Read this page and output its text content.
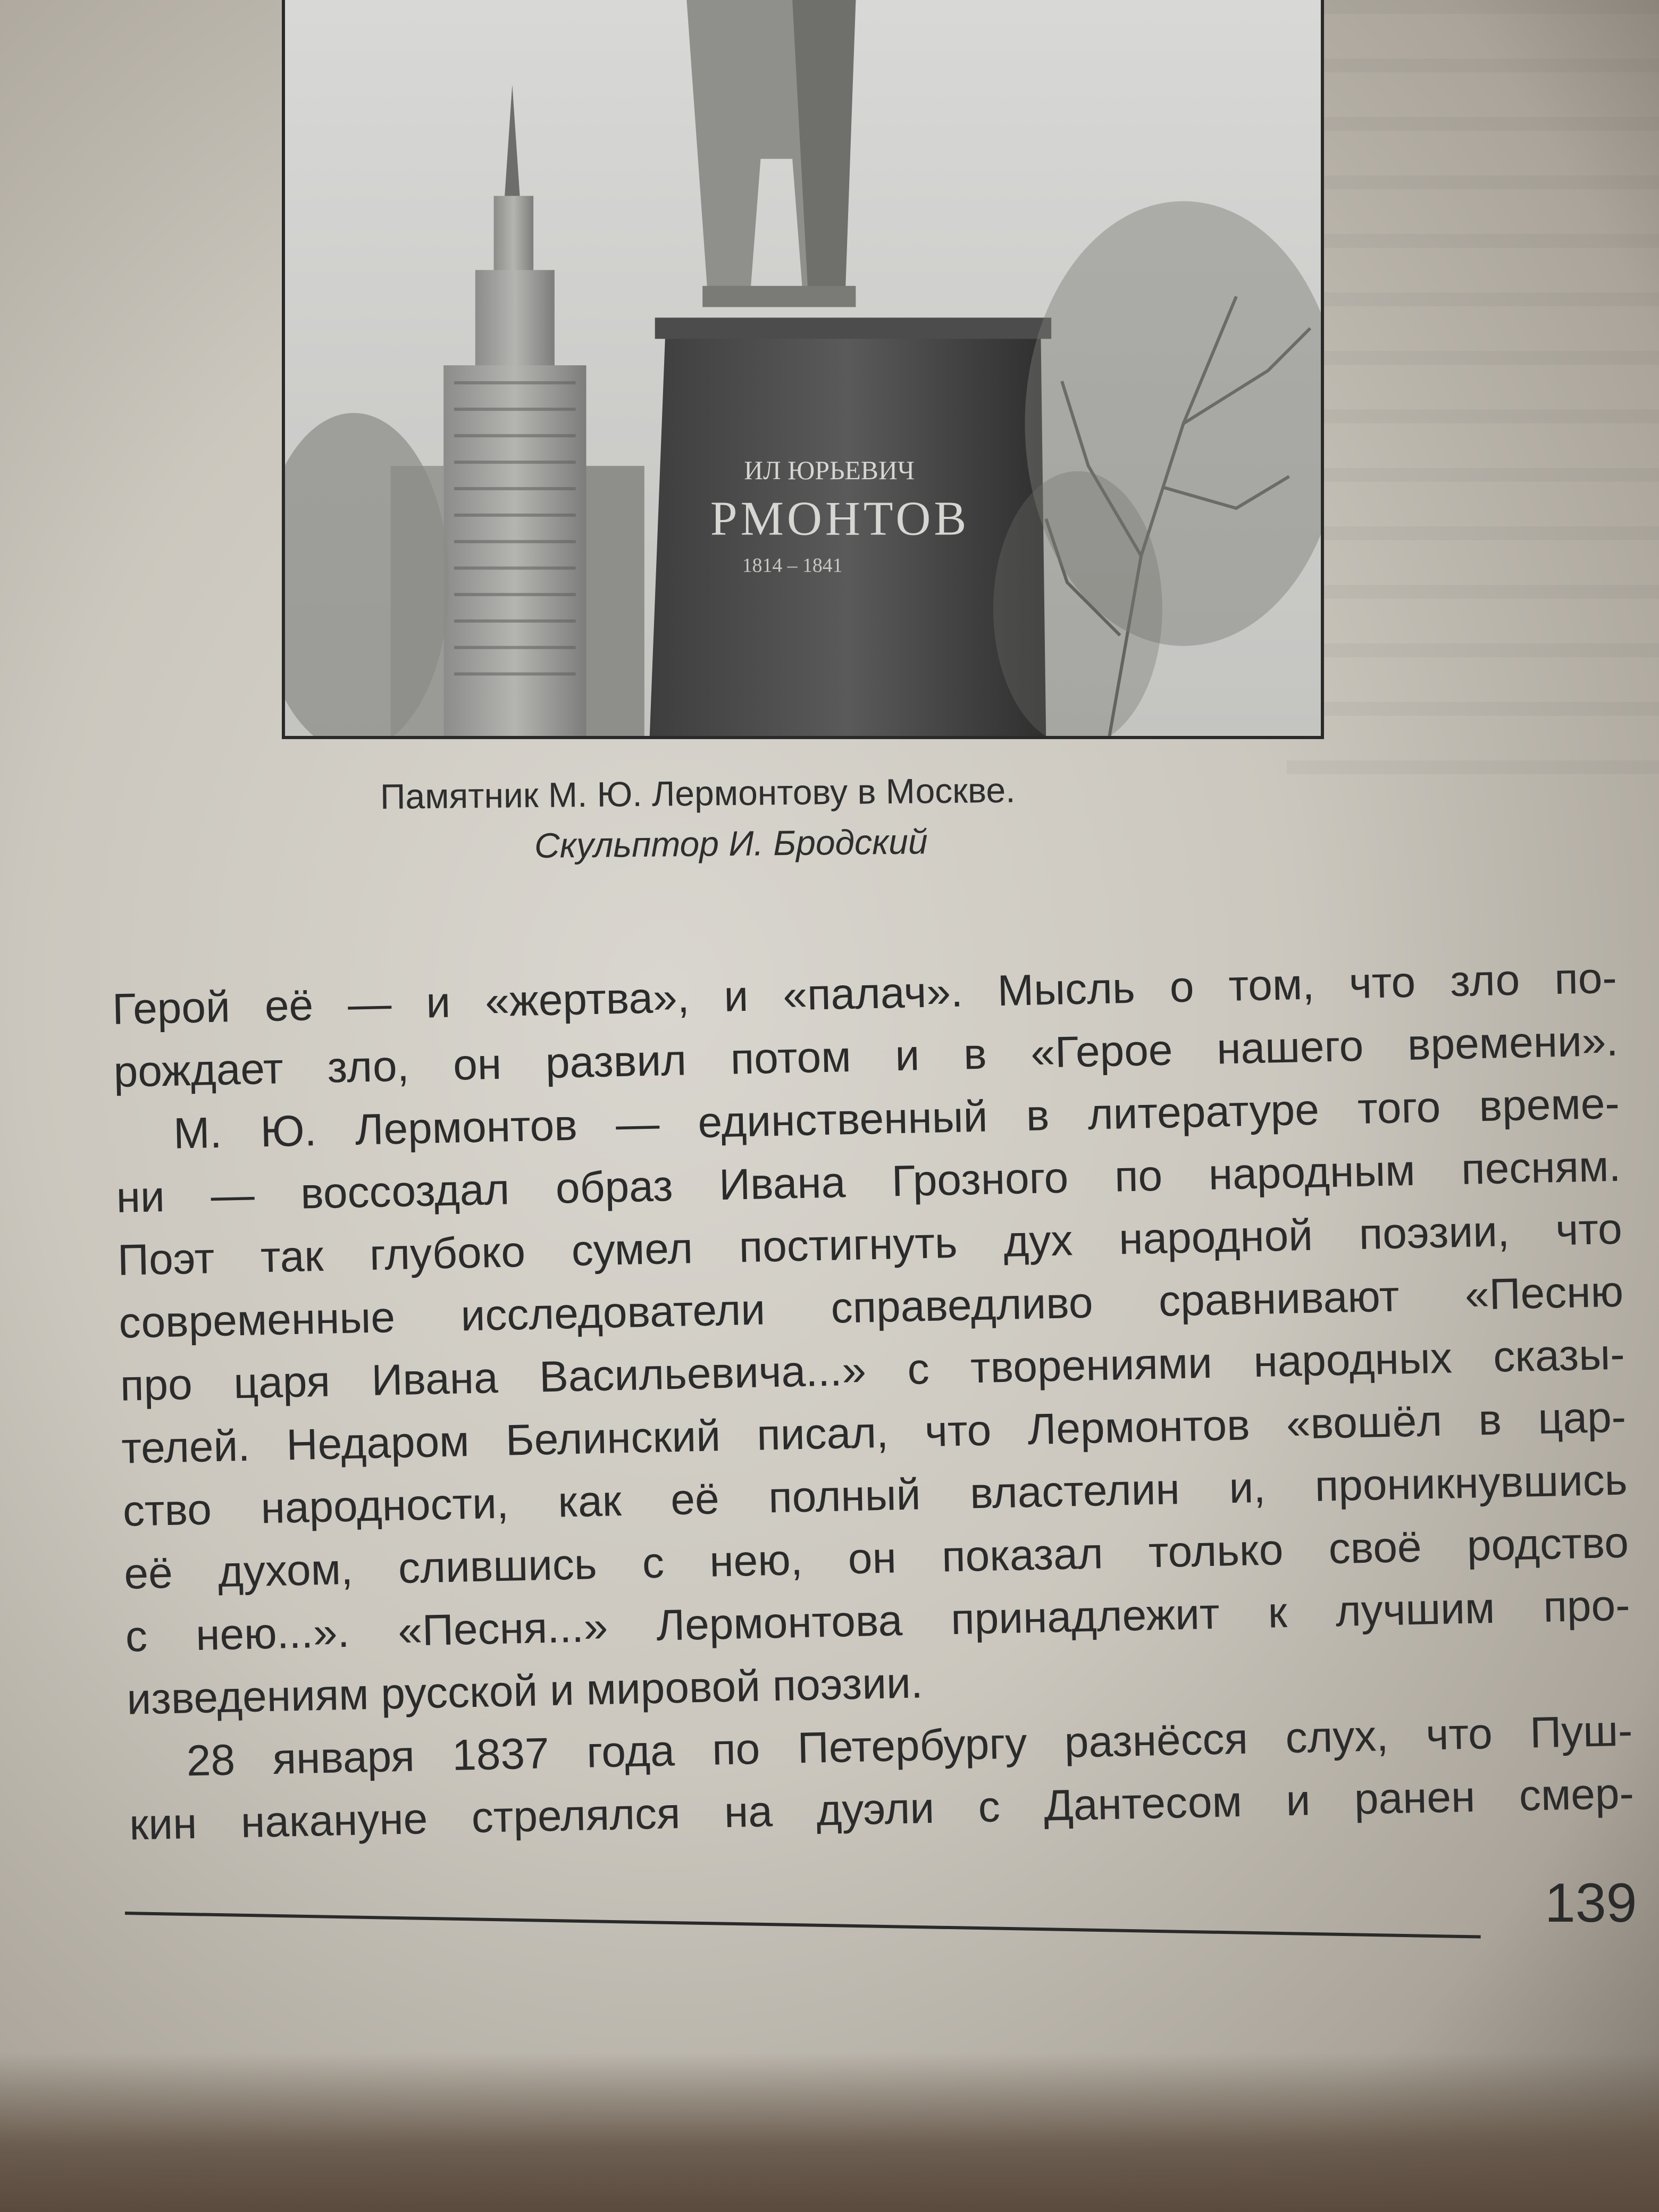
ИЛ ЮРЬЕВИЧ
РМОНТОВ
1814 – 1841
Памятник М. Ю. Лермонтову в Москве.
Скульптор И. Бродский
Герой её — и «жертва», и «палач». Мысль о том, что зло по-
рождает зло, он развил потом и в «Герое нашего времени».
М. Ю. Лермонтов — единственный в литературе того време-
ни — воссоздал образ Ивана Грозного по народным песням.
Поэт так глубоко сумел постигнуть дух народной поэзии, что
современные исследователи справедливо сравнивают «Песню
про царя Ивана Васильевича...» с творениями народных сказы-
телей. Недаром Белинский писал, что Лермонтов «вошёл в цар-
ство народности, как её полный властелин и, проникнувшись
её духом, слившись с нею, он показал только своё родство
с нею...». «Песня...» Лермонтова принадлежит к лучшим про-
изведениям русской и мировой поэзии.
28 января 1837 года по Петербургу разнёсся слух, что Пуш-
кин накануне стрелялся на дуэли с Дантесом и ранен смер-
139
